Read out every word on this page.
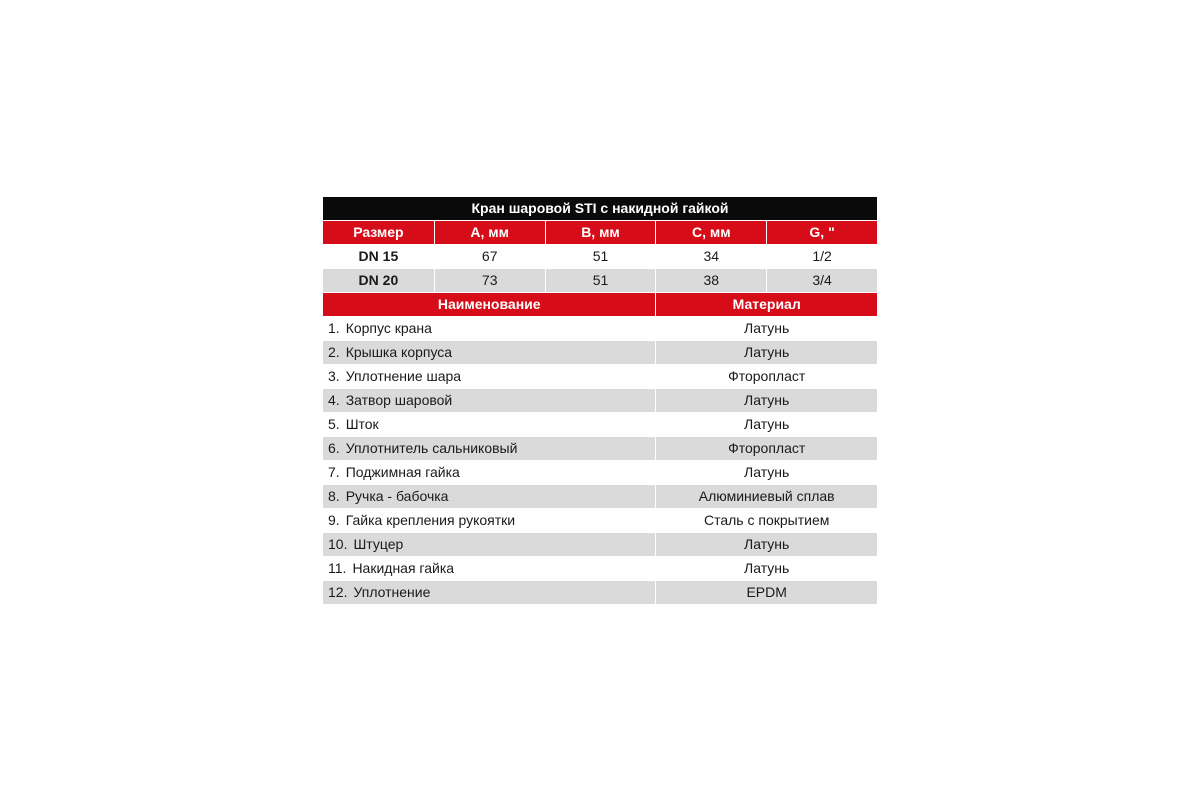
Кран шаровой STI с накидной гайкой
Размер	А, мм	В, мм	С, мм	G, "
DN 15	67	51	34	1/2
DN 20	73	51	38	3/4
Наименование	Материал
1. Корпус крана	Латунь
2. Крышка корпуса	Латунь
3. Уплотнение шара	Фторопласт
4. Затвор шаровой	Латунь
5. Шток	Латунь
6. Уплотнитель сальниковый	Фторопласт
7. Поджимная гайка	Латунь
8. Ручка - бабочка	Алюминиевый сплав
9. Гайка крепления рукоятки	Сталь с покрытием
10. Штуцер	Латунь
11. Накидная гайка	Латунь
12. Уплотнение	EPDM
